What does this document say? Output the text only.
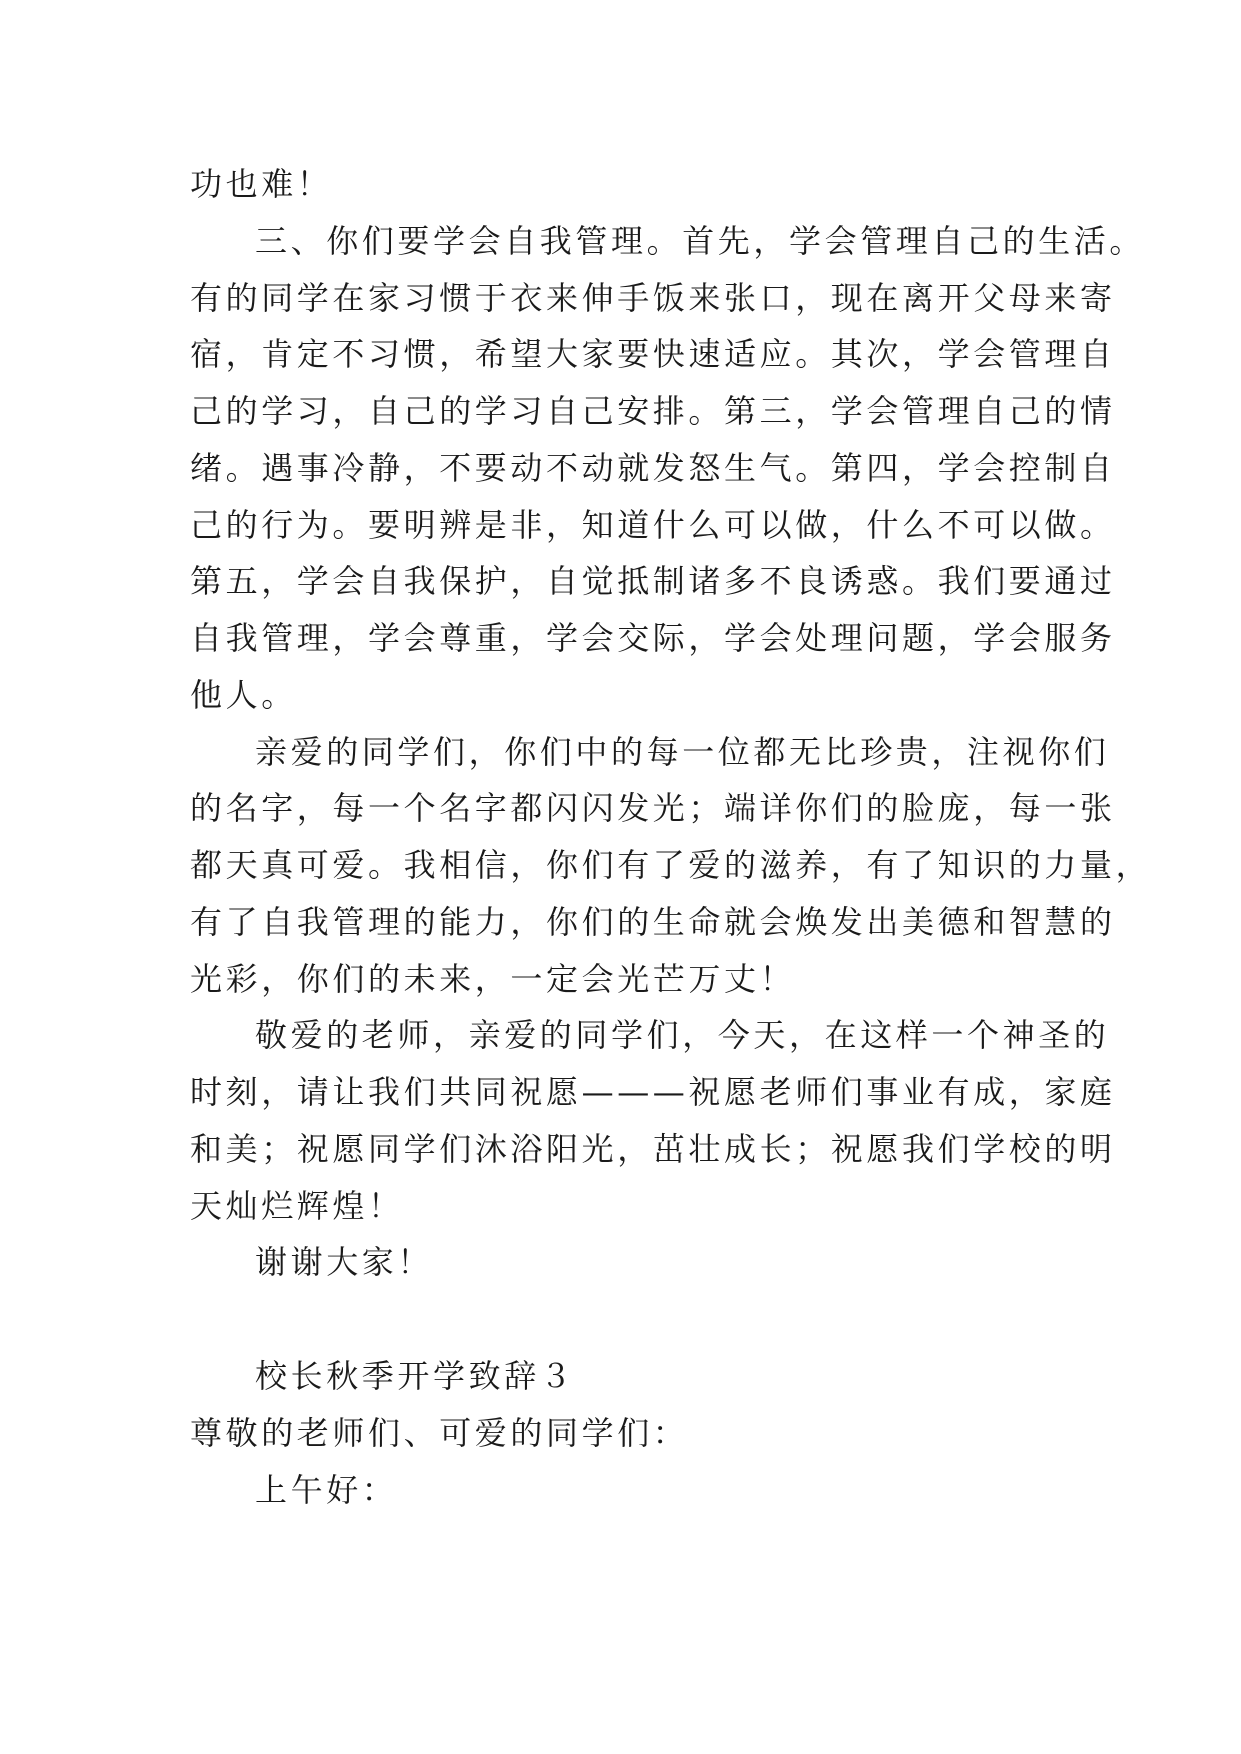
功也难！
三、你们要学会自我管理。首先，学会管理自己的生活。
有的同学在家习惯于衣来伸手饭来张口，现在离开父母来寄
宿，肯定不习惯，希望大家要快速适应。其次，学会管理自
己的学习，自己的学习自己安排。第三，学会管理自己的情
绪。遇事冷静，不要动不动就发怒生气。第四，学会控制自
己的行为。要明辨是非，知道什么可以做，什么不可以做。
第五，学会自我保护，自觉抵制诸多不良诱惑。我们要通过
自我管理，学会尊重，学会交际，学会处理问题，学会服务
他人。
亲爱的同学们，你们中的每一位都无比珍贵，注视你们
的名字，每一个名字都闪闪发光；端详你们的脸庞，每一张
都天真可爱。我相信，你们有了爱的滋养，有了知识的力量，
有了自我管理的能力，你们的生命就会焕发出美德和智慧的
光彩，你们的未来，一定会光芒万丈！
敬爱的老师，亲爱的同学们，今天，在这样一个神圣的
时刻，请让我们共同祝愿———祝愿老师们事业有成，家庭
和美；祝愿同学们沐浴阳光，茁壮成长；祝愿我们学校的明
天灿烂辉煌！
谢谢大家！
校长秋季开学致辞３
尊敬的老师们、可爱的同学们：
上午好：
